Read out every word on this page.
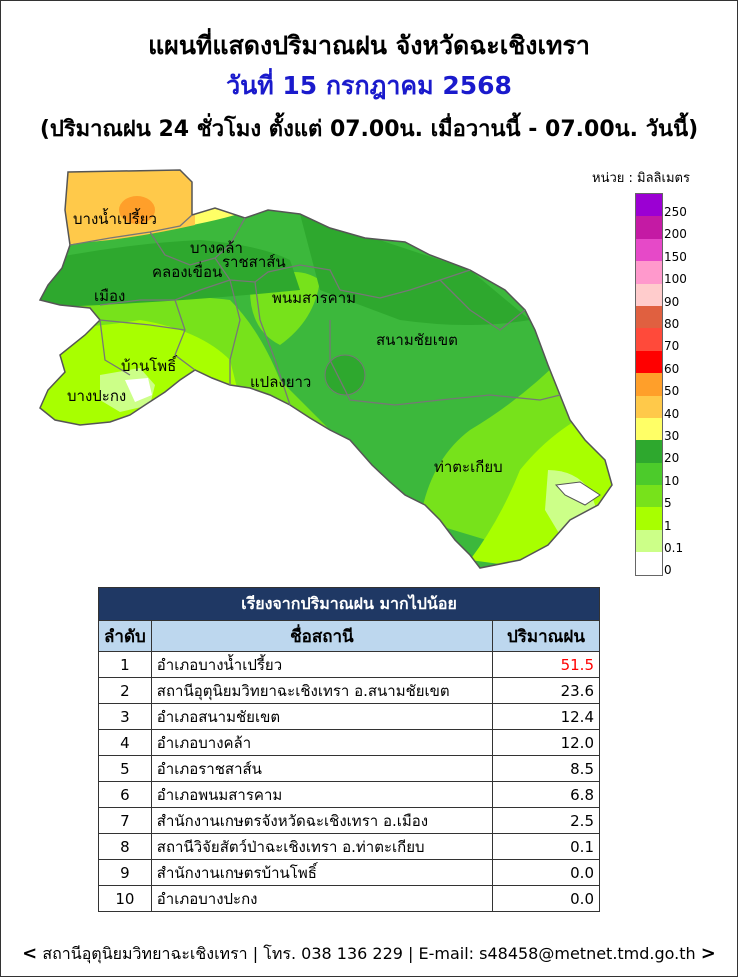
แผนที่แสดงปริมาณฝน จังหวัดฉะเชิงเทรา
วันที่ 15 กรกฎาคม 2568
(ปริมาณฝน 24 ชั่วโมง ตั้งแต่ 07.00น. เมื่อวานนี้ - 07.00น. วันนี้)
บางน้ำเปรี้ยว
บางคล้า
คลองเขื่อน
ราชสาส์น
เมือง	พนมสารคาม
สนามชัยเขต
บ้านโพธิ์
แปลงยาว
บางปะกง
ท่าตะเกียบ
หน่วย : มิลลิเมตร
250
200
150
100
90
80
70
60
50
40
30
20
10
5
1
0.1
0
เรียงจากปริมาณฝน มากไปน้อย		
ลำดับ	ชื่อสถานี	ปริมาณฝน
1	อำเภอบางน้ำเปรี้ยว	51.5
2	สถานีอุตุนิยมวิทยาฉะเชิงเทรา อ.สนามชัยเขต	23.6
3	อำเภอสนามชัยเขต	12.4
4	อำเภอบางคล้า	12.0
5	อำเภอราชสาส์น	8.5
6	อำเภอพนมสารคาม	6.8
7	สำนักงานเกษตรจังหวัดฉะเชิงเทรา อ.เมือง	2.5
8	สถานีวิจัยสัตว์ป่าฉะเชิงเทรา อ.ท่าตะเกียบ	0.1
9	สำนักงานเกษตรบ้านโพธิ์	0.0
10	อำเภอบางปะกง	0.0
< สถานีอุตุนิยมวิทยาฉะเชิงเทรา | โทร. 038 136 229 | E-mail: s48458@metnet.tmd.go.th >
